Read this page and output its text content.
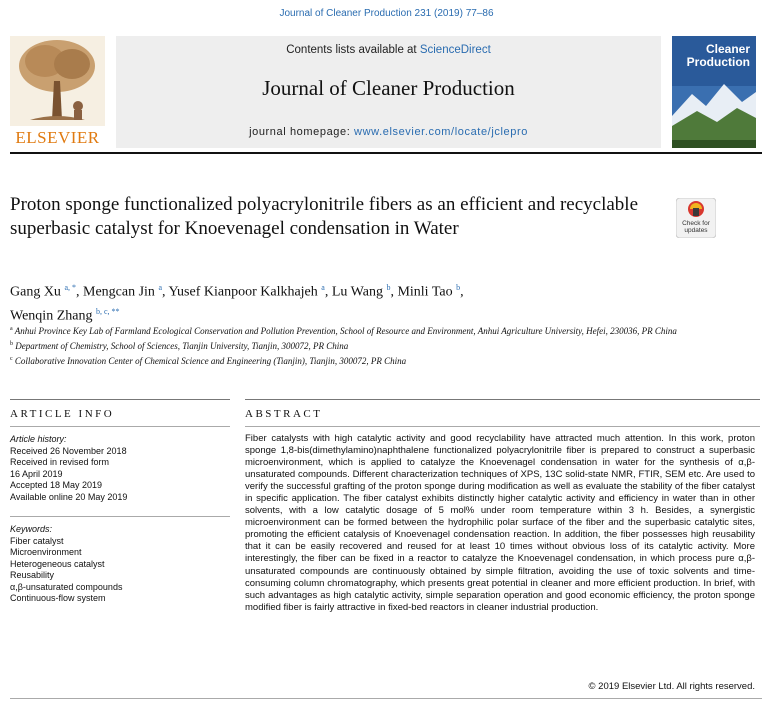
Journal of Cleaner Production 231 (2019) 77–86
ELSEVIER
Contents lists available at ScienceDirect
Journal of Cleaner Production
journal homepage: www.elsevier.com/locate/jclepro
Cleaner
Production
Proton sponge functionalized polyacrylonitrile fibers as an efficient and recyclable superbasic catalyst for Knoevenagel condensation in Water	Check for
updates
Gang Xu $^{a, *}$, Mengcan Jin $^a$, Yusef Kianpoor Kalkhajeh $^a$, Lu Wang $^b$, Minli Tao $^b$,
Wenqin Zhang $^{b, c, **}$
$^a$ Anhui Province Key Lab of Farmland Ecological Conservation and Pollution Prevention, School of Resource and Environment, Anhui Agriculture University, Hefei, 230036, PR China
$^b$ Department of Chemistry, School of Sciences, Tianjin University, Tianjin, 300072, PR China
$^c$ Collaborative Innovation Center of Chemical Science and Engineering (Tianjin), Tianjin, 300072, PR China
ARTICLE INFO	ABSTRACT
Article history:
Received 26 November 2018
Received in revised form
16 April 2019
Accepted 18 May 2019
Available online 20 May 2019
Keywords:
Fiber catalyst
Microenvironment
Heterogeneous catalyst
Reusability
α,β-unsaturated compounds
Continuous-flow system

Fiber catalysts with high catalytic activity and good recyclability have attracted much attention. In this work, proton sponge 1,8-bis(dimethylamino)naphthalene functionalized polyacrylonitrile fiber is prepared to construct a superbasic microenvironment, which is applied to catalyze the Knoevenagel condensation in water for the synthesis of α,β-unsaturated compounds. Different characterization techniques of XPS, 13C solid-state NMR, FTIR, SEM etc. Are used to verify the successful grafting of the proton sponge during modification as well as evaluate the stability of the fiber catalyst in specific application. The fiber catalyst exhibits distinctly higher catalytic activity and efficiency in water than in other solvents, with a low catalytic dosage of 5 mol% under room temperature within 3 h. Besides, a synergistic microenvironment can be formed between the hydrophilic polar surface of the fiber and the superbasic catalytic sites, promoting the efficient catalysis of Knoevenagel condensation reaction. In addition, the fiber possesses high reusability that it can be easily recovered and reused for at least 10 times without obvious loss of its catalytic activity. More interestingly, the fiber can be fixed in a reactor to catalyze the Knoevenagel condensation, in which process pure α,β-unsaturated compounds are continuously obtained by simple filtration, avoiding the use of toxic solvents and time-consuming column chromatography, which presents great potential in cleaner and more efficient production. In brief, with such advantages as high catalytic activity, simple separation operation and good economic efficiency, the proton sponge modified fiber is fairly attractive in fixed-bed reactors in cleaner industrial production.

© 2019 Elsevier Ltd. All rights reserved.
